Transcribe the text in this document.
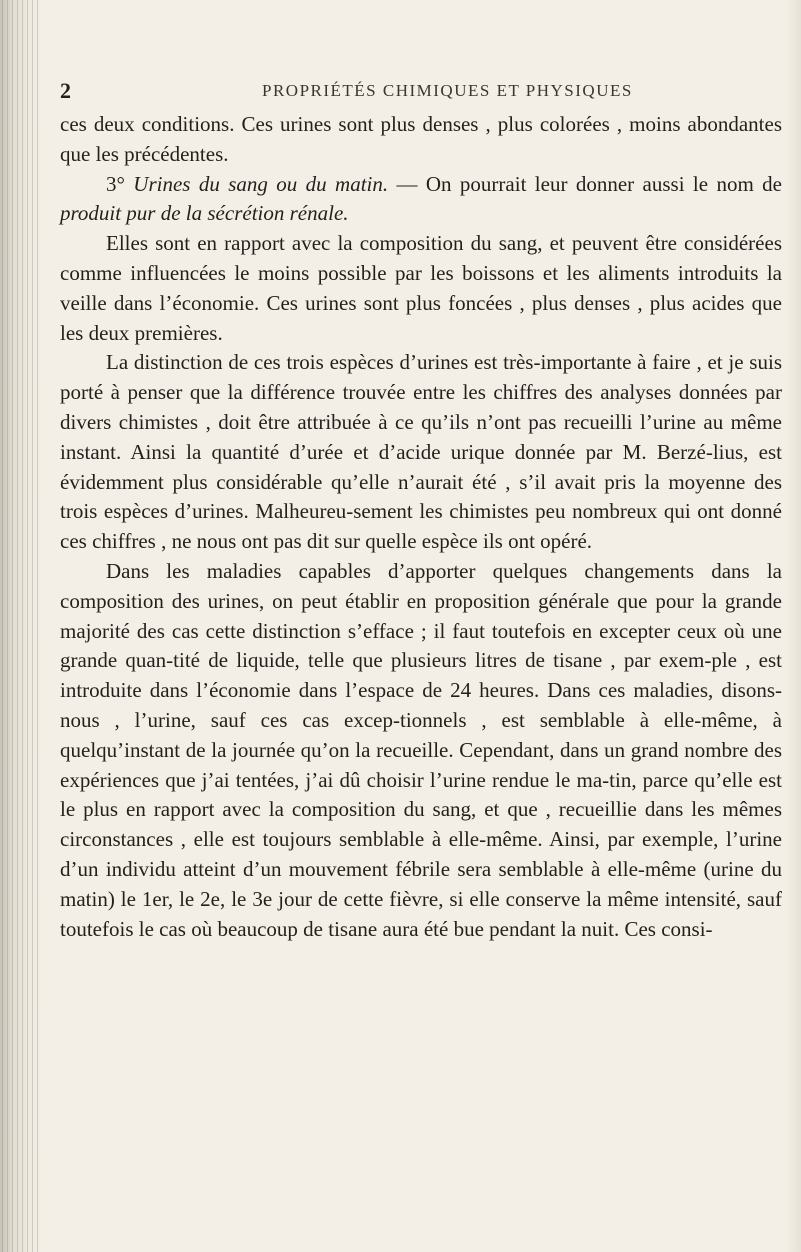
2	PROPRIÉTÉS CHIMIQUES ET PHYSIQUES

ces deux conditions. Ces urines sont plus denses , plus colorées , moins abondantes que les précédentes.

3° Urines du sang ou du matin. — On pourrait leur donner aussi le nom de produit pur de la sécrétion rénale.

Elles sont en rapport avec la composition du sang, et peuvent être considérées comme influencées le moins possible par les boissons et les aliments introduits la veille dans l’économie. Ces urines sont plus foncées , plus denses , plus acides que les deux premières.

La distinction de ces trois espèces d’urines est très-importante à faire , et je suis porté à penser que la différence trouvée entre les chiffres des analyses données par divers chimistes , doit être attribuée à ce qu’ils n’ont pas recueilli l’urine au même instant. Ainsi la quantité d’urée et d’acide urique donnée par M. Berzé-lius, est évidemment plus considérable qu’elle n’aurait été , s’il avait pris la moyenne des trois espèces d’urines. Malheureu-sement les chimistes peu nombreux qui ont donné ces chiffres , ne nous ont pas dit sur quelle espèce ils ont opéré.

Dans les maladies capables d’apporter quelques changements dans la composition des urines, on peut établir en proposition générale que pour la grande majorité des cas cette distinction s’efface ; il faut toutefois en excepter ceux où une grande quan-tité de liquide, telle que plusieurs litres de tisane , par exem-ple , est introduite dans l’économie dans l’espace de 24 heures. Dans ces maladies, disons-nous , l’urine, sauf ces cas excep-tionnels , est semblable à elle-même, à quelqu’instant de la journée qu’on la recueille. Cependant, dans un grand nombre des expériences que j’ai tentées, j’ai dû choisir l’urine rendue le ma-tin, parce qu’elle est le plus en rapport avec la composition du sang, et que , recueillie dans les mêmes circonstances , elle est toujours semblable à elle-même. Ainsi, par exemple, l’urine d’un individu atteint d’un mouvement fébrile sera semblable à elle-même (urine du matin) le 1er, le 2e, le 3e jour de cette fièvre, si elle conserve la même intensité, sauf toutefois le cas où beaucoup de tisane aura été bue pendant la nuit. Ces consi-
